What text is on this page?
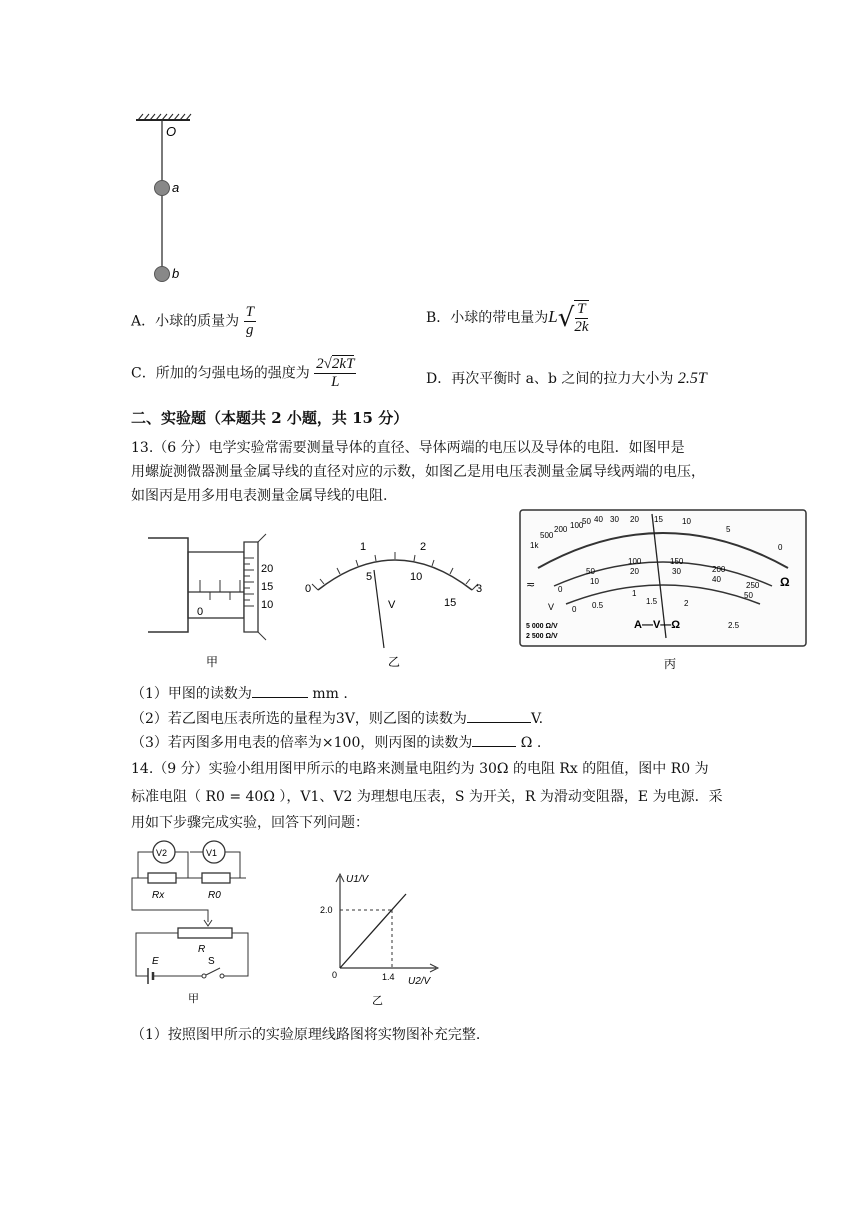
O
a
b
A．小球的质量为 $\frac{T}{g}$	B．小球的带电量为$L√ \frac{T}{2k}$
C．所加的匀强电场的强度为 $\frac{2√2kT}{L}$	D．再次平衡时 a、b 之间的拉力大小为 2.5T
二、实验题（本题共 2 小题，共 15 分）
13.（6 分）电学实验常需要测量导体的直径、导体两端的电压以及导体的电阻．如图甲是
用螺旋测微器测量金属导线的直径对应的示数，如图乙是用电压表测量金属导线两端的电压，
如图丙是用多用电表测量金属导线的电阻.
0
20
15
10
甲
0	3
1	2
5	10
15
V
乙
1k
500
200 100
50 40 30 20 15 10
5
0
Ω
≂	0
50
100	150
200
250
10
20	30
40
50
0 0.5
1
1.5	2
2.5
V
5 000 Ω/V
2 500 Ω/V
A—V—Ω
丙
（1）甲图的读数为	mm .
（2）若乙图电压表所选的量程为3V，则乙图的读数为	V.
（3）若丙图多用电表的倍率为×100，则丙图的读数为	Ω .
14.（9 分）实验小组用图甲所示的电路来测量电阻约为 30Ω 的电阻 Rx 的阻值，图中 R0 为
标准电阻（ R0 = 40Ω ），V1、V2 为理想电压表，S 为开关，R 为滑动变阻器，E 为电源．采
用如下步骤完成实验，回答下列问题：
V2	V1
Rx	R0
R
E	S
甲
U1/V
2.0
1.4
0
U2/V
乙
（1）按照图甲所示的实验原理线路图将实物图补充完整.
